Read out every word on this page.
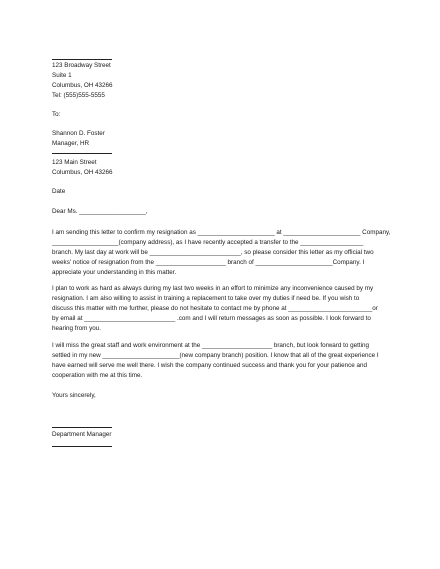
123 Broadway Street
Suite 1
Columbus, OH 43266
Tel: (555)555-5555
To:
Shannon D. Foster
Manager, HR
123 Main Street
Columbus, OH 43266
Date
Dear Ms. ___________________,
I am sending this letter to confirm my resignation as ______________________ at ______________________ Company,
___________________(company address), as I have recently accepted a transfer to the __________________
branch. My last day at work will be __________________________, so please consider this letter as my official two
weeks' notice of resignation from the ____________________ branch of ______________________Company. I
appreciate your understanding in this matter.
I plan to work as hard as always during my last two weeks in an effort to minimize any inconvenience caused by my
resignation. I am also willing to assist in training a replacement to take over my duties if need be. If you wish to
discuss this matter with me further, please do not hesitate to contact me by phone at ________________________or
by email at __________________________ .com and I will return messages as soon as possible. I look forward to
hearing from you.
I will miss the great staff and work environment at the ____________________ branch, but look forward to getting
settled in my new ______________________(new company branch) position. I know that all of the great experience I
have earned will serve me well there. I wish the company continued success and thank you for your patience and
cooperation with me at this time.
Yours sincerely,
Department Manager
